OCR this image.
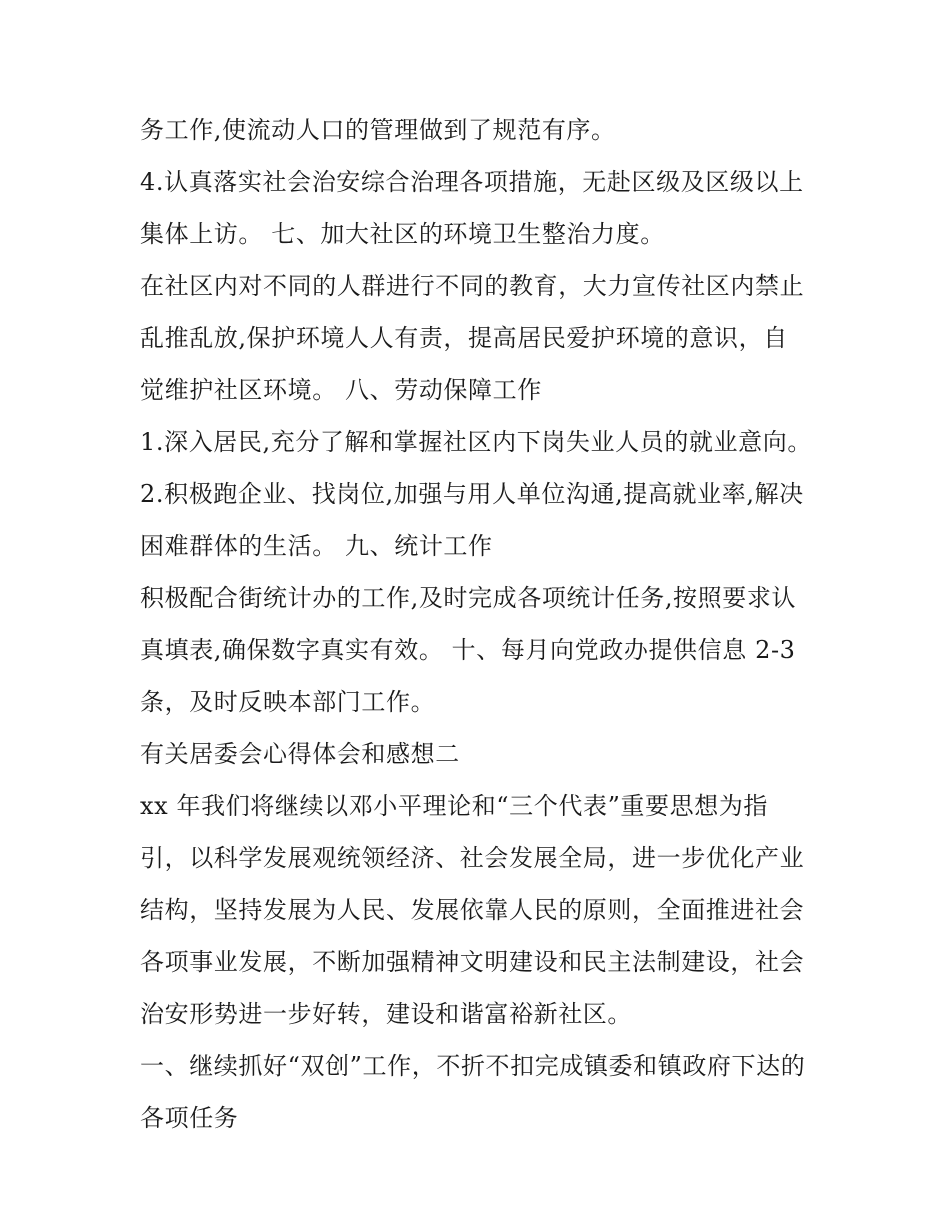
务工作,使流动人口的管理做到了规范有序。
4.认真落实社会治安综合治理各项措施，无赴区级及区级以上
集体上访。 七、加大社区的环境卫生整治力度。
在社区内对不同的人群进行不同的教育，大力宣传社区内禁止
乱推乱放,保护环境人人有责，提高居民爱护环境的意识，自
觉维护社区环境。 八、劳动保障工作
1.深入居民,充分了解和掌握社区内下岗失业人员的就业意向。
2.积极跑企业、找岗位,加强与用人单位沟通,提高就业率,解决
困难群体的生活。 九、统计工作
积极配合街统计办的工作,及时完成各项统计任务,按照要求认
真填表,确保数字真实有效。 十、每月向党政办提供信息 2-3
条，及时反映本部门工作。
有关居委会心得体会和感想二
xx 年我们将继续以邓小平理论和“三个代表”重要思想为指
引，以科学发展观统领经济、社会发展全局，进一步优化产业
结构，坚持发展为人民、发展依靠人民的原则，全面推进社会
各项事业发展，不断加强精神文明建设和民主法制建设，社会
治安形势进一步好转，建设和谐富裕新社区。
一、继续抓好“双创”工作，不折不扣完成镇委和镇政府下达的
各项任务
